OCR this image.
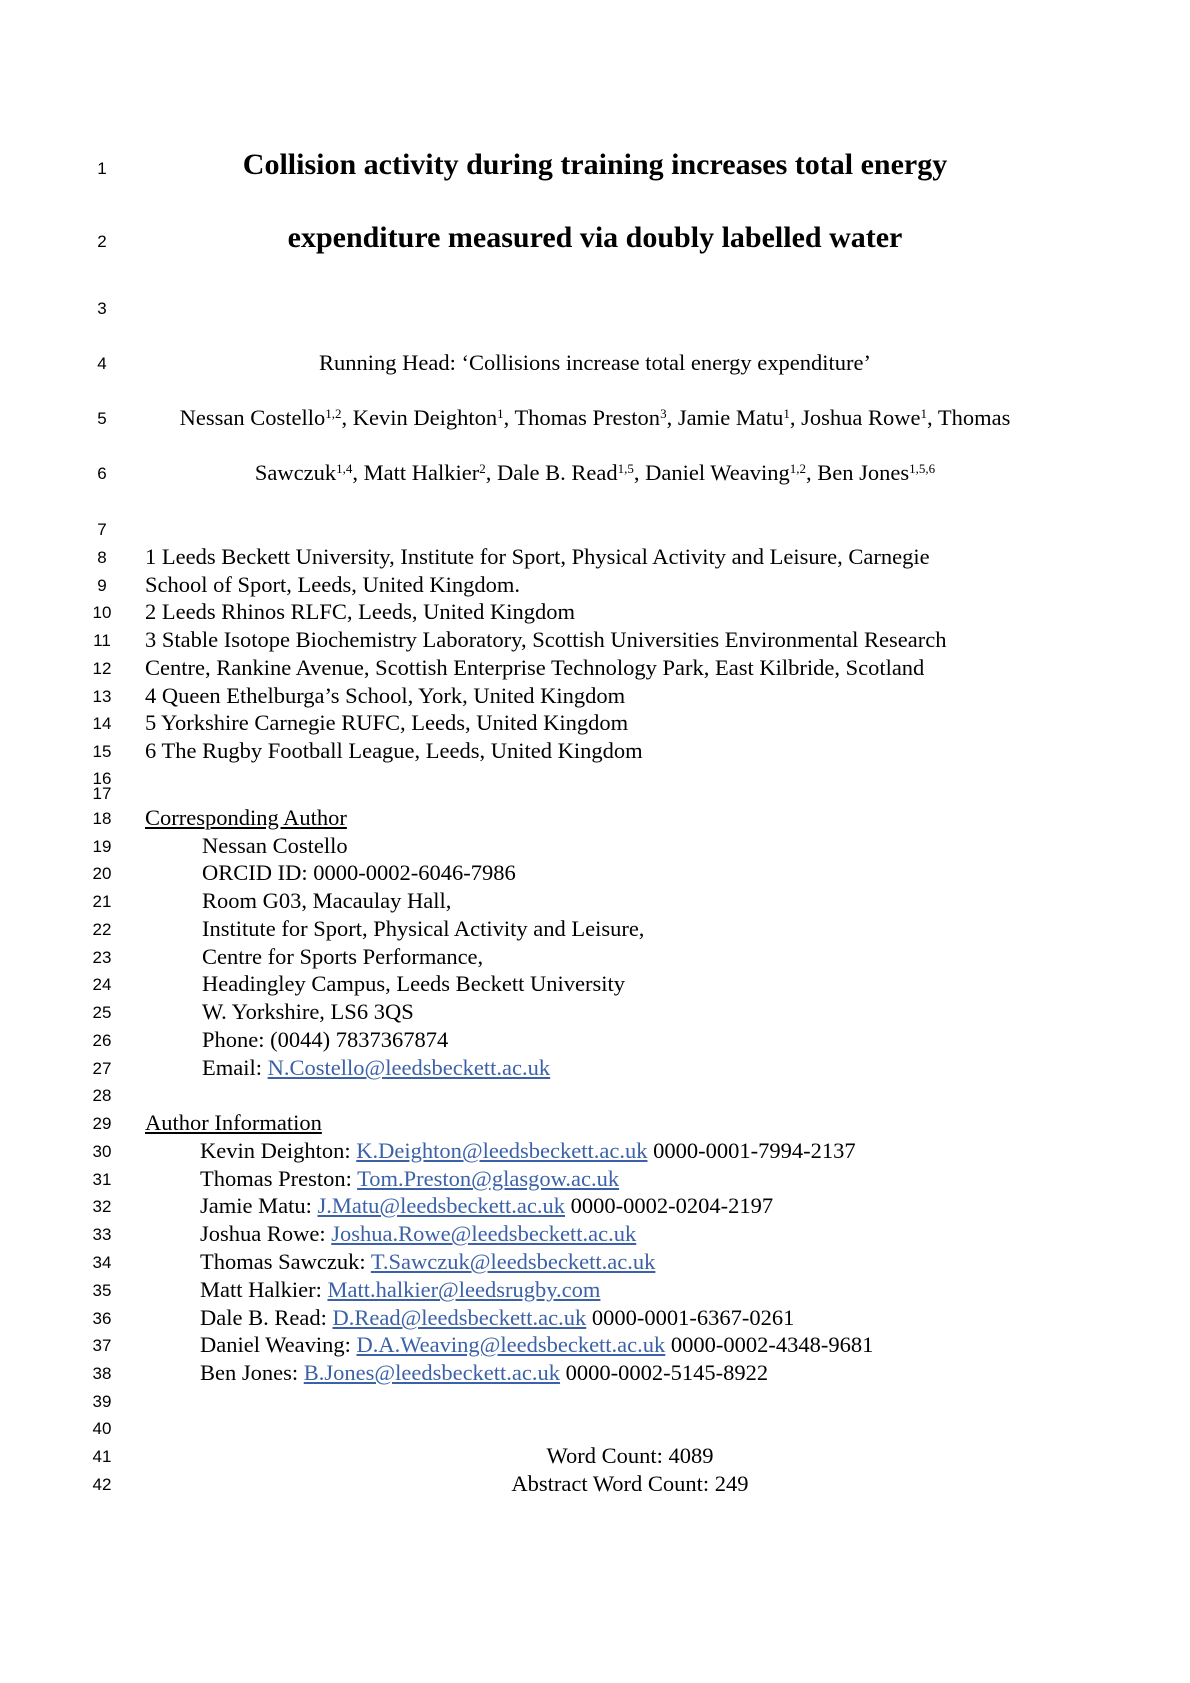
1
2
3
4
5
6
7
8
9
10
11
12
13
14
15
16
17
18
19
20
21
22
23
24
25
26
27
28
29
30
31
32
33
34
35
36
37
38
39
40
41
42
Collision activity during training increases total energy
expenditure measured via doubly labelled water
Running Head: ‘Collisions increase total energy expenditure’
Nessan Costello$^{1,2}$, Kevin Deighton$^1$, Thomas Preston$^3$, Jamie Matu$^1$, Joshua Rowe$^1$, Thomas
Sawczuk$^{1,4}$, Matt Halkier$^2$, Dale B. Read$^{1,5}$, Daniel Weaving$^{1,2}$, Ben Jones$^{1,5,6}$
1 Leeds Beckett University, Institute for Sport, Physical Activity and Leisure, Carnegie
School of Sport, Leeds, United Kingdom.
2 Leeds Rhinos RLFC, Leeds, United Kingdom
3 Stable Isotope Biochemistry Laboratory, Scottish Universities Environmental Research
Centre, Rankine Avenue, Scottish Enterprise Technology Park, East Kilbride, Scotland
4 Queen Ethelburga’s School, York, United Kingdom
5 Yorkshire Carnegie RUFC, Leeds, United Kingdom
6 The Rugby Football League, Leeds, United Kingdom
Corresponding Author
Nessan Costello
ORCID ID: 0000-0002-6046-7986
Room G03, Macaulay Hall,
Institute for Sport, Physical Activity and Leisure,
Centre for Sports Performance,
Headingley Campus, Leeds Beckett University
W. Yorkshire, LS6 3QS
Phone: (0044) 7837367874
Email: N.Costello@leedsbeckett.ac.uk
Author Information
Kevin Deighton: K.Deighton@leedsbeckett.ac.uk 0000-0001-7994-2137
Thomas Preston: Tom.Preston@glasgow.ac.uk
Jamie Matu: J.Matu@leedsbeckett.ac.uk 0000-0002-0204-2197
Joshua Rowe: Joshua.Rowe@leedsbeckett.ac.uk
Thomas Sawczuk: T.Sawczuk@leedsbeckett.ac.uk
Matt Halkier: Matt.halkier@leedsrugby.com
Dale B. Read: D.Read@leedsbeckett.ac.uk 0000-0001-6367-0261
Daniel Weaving: D.A.Weaving@leedsbeckett.ac.uk 0000-0002-4348-9681
Ben Jones: B.Jones@leedsbeckett.ac.uk 0000-0002-5145-8922
Word Count: 4089
Abstract Word Count: 249
